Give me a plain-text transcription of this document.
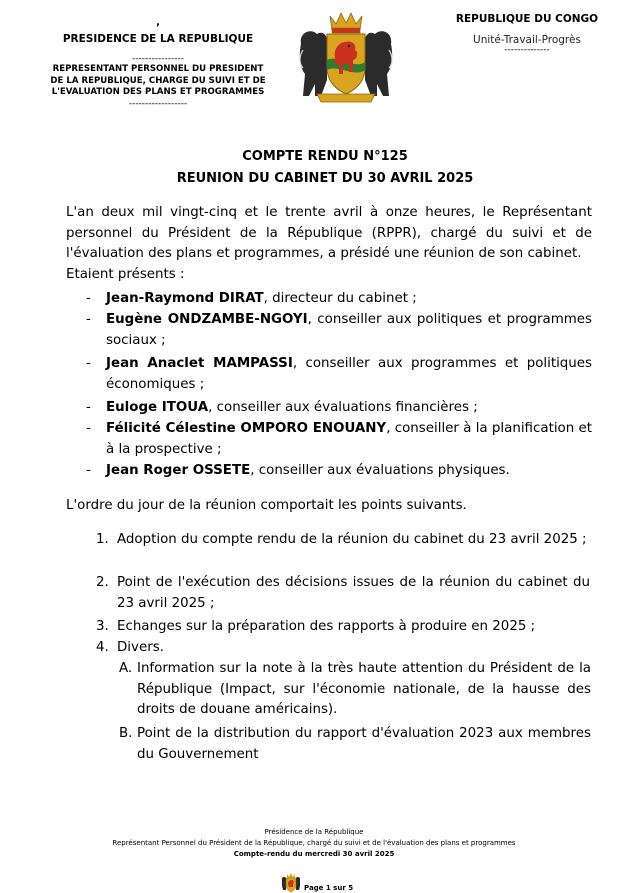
,
PRESIDENCE DE LA REPUBLIQUE
----------------
REPRESENTANT PERSONNEL DU PRESIDENT
DE LA REPUBLIQUE, CHARGE DU SUIVI ET DE
L'EVALUATION DES PLANS ET PROGRAMMES
------------------
REPUBLIQUE DU CONGO
Unité-Travail-Progrès
--------------
COMPTE RENDU N°125
REUNION DU CABINET DU 30 AVRIL 2025
L'an deux mil vingt-cinq et le trente avril à onze heures, le Représentant personnel du Président de la République (RPPR), chargé du suivi et de l'évaluation des plans et programmes, a présidé une réunion de son cabinet.
Etaient présents :
- Jean-Raymond DIRAT, directeur du cabinet ;
- Eugène ONDZAMBE-NGOYI, conseiller aux politiques et programmes sociaux ;
- Jean Anaclet MAMPASSI, conseiller aux programmes et politiques économiques ;
- Euloge ITOUA, conseiller aux évaluations financières ;
- Félicité Célestine OMPORO ENOUANY, conseiller à la planification et à la prospective ;
- Jean Roger OSSETE, conseiller aux évaluations physiques.
L'ordre du jour de la réunion comportait les points suivants.
1. Adoption du compte rendu de la réunion du cabinet du 23 avril 2025 ;
2. Point de l'exécution des décisions issues de la réunion du cabinet du 23 avril 2025 ;
3. Echanges sur la préparation des rapports à produire en 2025 ;
4. Divers.
A. Information sur la note à la très haute attention du Président de la République (Impact, sur l'économie nationale, de la hausse des droits de douane américains).
B. Point de la distribution du rapport d'évaluation 2023 aux membres du Gouvernement
Présidence de la République
Représentant Personnel du Président de la République, chargé du suivi et de l'évaluation des plans et programmes
Compte-rendu du mercredi 30 avril 2025
Page 1 sur 5
